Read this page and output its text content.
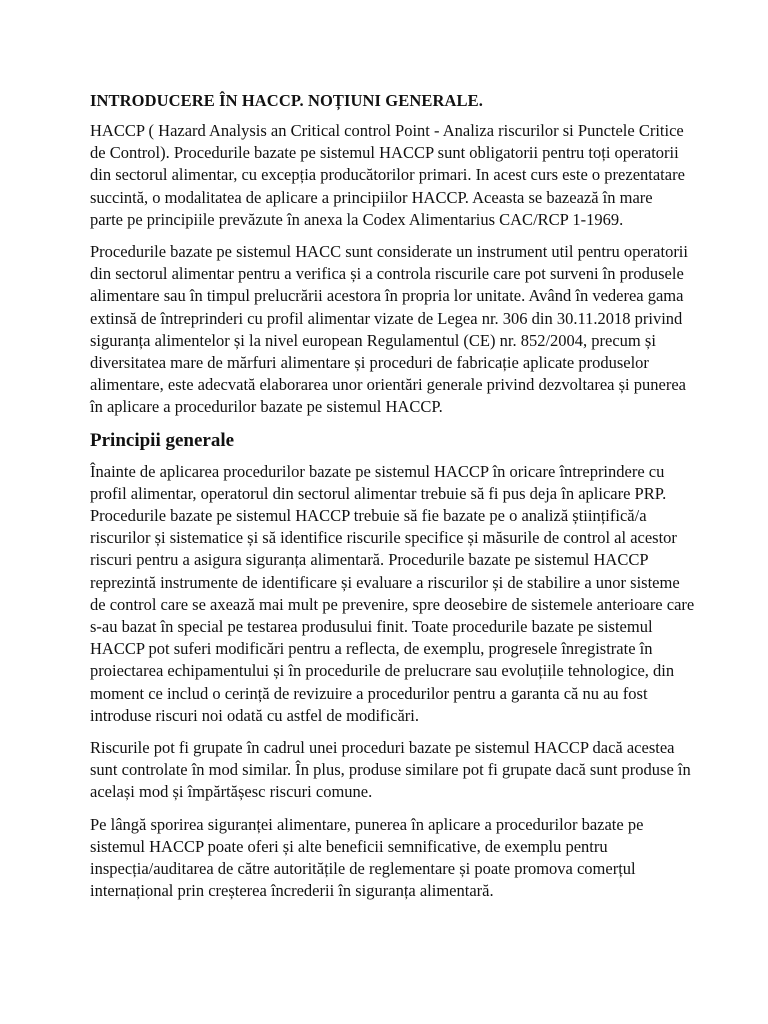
INTRODUCERE ÎN HACCP. NOȚIUNI GENERALE.
HACCP ( Hazard Analysis an Critical control Point - Analiza riscurilor si Punctele Critice
de Control). Procedurile bazate pe sistemul HACCP sunt obligatorii pentru toți operatorii
din sectorul alimentar, cu excepția producătorilor primari. In acest curs este o prezentatare
succintă, o modalitatea de aplicare a principiilor HACCP. Aceasta se bazează în mare
parte pe principiile prevăzute în anexa la Codex Alimentarius CAC/RCP 1-1969.
Procedurile bazate pe sistemul HACC sunt considerate un instrument util pentru operatorii
din sectorul alimentar pentru a verifica și a controla riscurile care pot surveni în produsele
alimentare sau în timpul prelucrării acestora în propria lor unitate. Având în vederea gama
extinsă de întreprinderi cu profil alimentar vizate de Legea nr. 306 din 30.11.2018 privind
siguranța alimentelor și la nivel european Regulamentul (CE) nr. 852/2004, precum și
diversitatea mare de mărfuri alimentare și proceduri de fabricație aplicate produselor
alimentare, este adecvată elaborarea unor orientări generale privind dezvoltarea și punerea
în aplicare a procedurilor bazate pe sistemul HACCP.
Principii generale
Înainte de aplicarea procedurilor bazate pe sistemul HACCP în oricare întreprindere cu
profil alimentar, operatorul din sectorul alimentar trebuie să fi pus deja în aplicare PRP.
Procedurile bazate pe sistemul HACCP trebuie să fie bazate pe o analiză științifică/a
riscurilor și sistematice și să identifice riscurile specifice și măsurile de control al acestor
riscuri pentru a asigura siguranța alimentară. Procedurile bazate pe sistemul HACCP
reprezintă instrumente de identificare și evaluare a riscurilor și de stabilire a unor sisteme
de control care se axează mai mult pe prevenire, spre deosebire de sistemele anterioare care
s-au bazat în special pe testarea produsului finit. Toate procedurile bazate pe sistemul
HACCP pot suferi modificări pentru a reflecta, de exemplu, progresele înregistrate în
proiectarea echipamentului și în procedurile de prelucrare sau evoluțiile tehnologice, din
moment ce includ o cerință de revizuire a procedurilor pentru a garanta că nu au fost
introduse riscuri noi odată cu astfel de modificări.
Riscurile pot fi grupate în cadrul unei proceduri bazate pe sistemul HACCP dacă acestea
sunt controlate în mod similar. În plus, produse similare pot fi grupate dacă sunt produse în
același mod și împărtășesc riscuri comune.
Pe lângă sporirea siguranței alimentare, punerea în aplicare a procedurilor bazate pe
sistemul HACCP poate oferi și alte beneficii semnificative, de exemplu pentru
inspecția/auditarea de către autoritățile de reglementare și poate promova comerțul
internațional prin creșterea încrederii în siguranța alimentară.
